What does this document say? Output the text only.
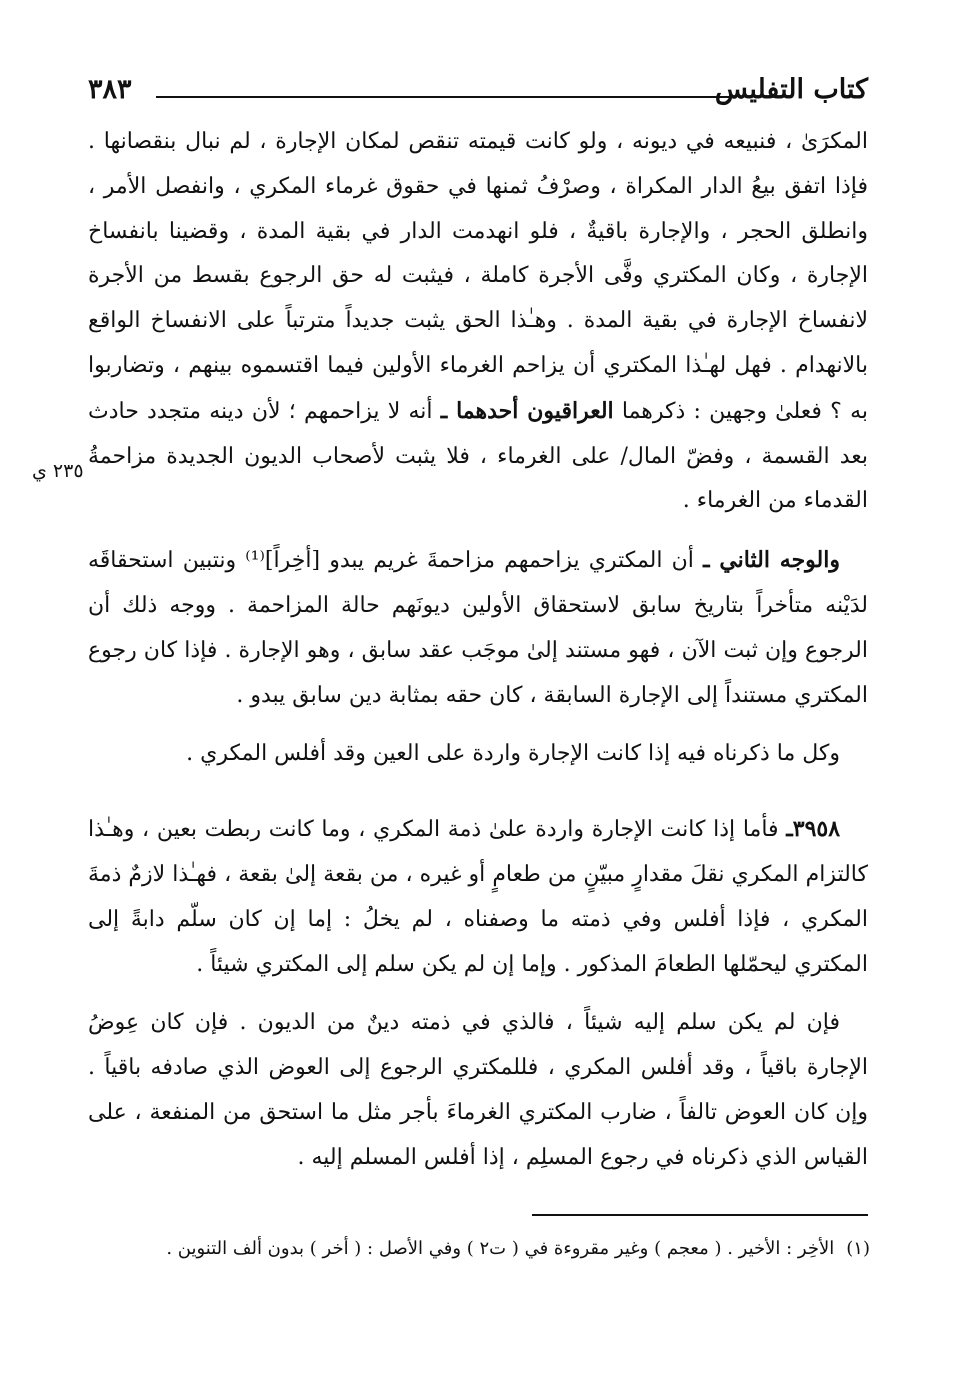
كتاب التفليس
٣٨٣
٢٣٥ ي

المكرَىٰ ، فنبيعه في ديونه ، ولو كانت قيمته تنقص لمكان الإجارة ، لم نبال بنقصانها . فإذا اتفق بيعُ الدار المكراة ، وصرْفُ ثمنها في حقوق غرماء المكري ، وانفصل الأمر ، وانطلق الحجر ، والإجارة باقيةٌ ، فلو انهدمت الدار في بقية المدة ، وقضينا بانفساخ الإجارة ، وكان المكتري وفَّى الأجرة كاملة ، فيثبت له حق الرجوع بقسط من الأجرة لانفساخ الإجارة في بقية المدة . وهـٰذا الحق يثبت جديداً مترتباً على الانفساخ الواقع بالانهدام . فهل لهـٰذا المكتري أن يزاحم الغرماء الأولين فيما اقتسموه بينهم ، وتضاربوا به ؟ فعلىٰ وجهين : ذكرهما العراقيون أحدهما ـ أنه لا يزاحمهم ؛ لأن دينه متجدد حادث بعد القسمة ، وفضّ المال/ على الغرماء ، فلا يثبت لأصحاب الديون الجديدة مزاحمةُ القدماء من الغرماء .

والوجه الثاني ـ أن المكتري يزاحمهم مزاحمةَ غريم يبدو [أخِراً]⁽¹⁾ ونتبين استحقاقَه لدَيْنه متأخراً بتاريخ سابق لاستحقاق الأولين ديونَهم حالة المزاحمة . ووجه ذلك أن الرجوع وإن ثبت الآن ، فهو مستند إلىٰ موجَب عقد سابق ، وهو الإجارة . فإذا كان رجوع المكتري مستنداً إلى الإجارة السابقة ، كان حقه بمثابة دين سابق يبدو .

وكل ما ذكرناه فيه إذا كانت الإجارة واردة على العين وقد أفلس المكري .

٣٩٥٨ـ فأما إذا كانت الإجارة واردة علىٰ ذمة المكري ، وما كانت ربطت بعين ، وهـٰذا كالتزام المكري نقلَ مقدارٍ مبيّنٍ من طعامٍ أو غيره ، من بقعة إلىٰ بقعة ، فهـٰذا لازمٌ ذمةَ المكري ، فإذا أفلس وفي ذمته ما وصفناه ، لم يخلُ : إما إن كان سلّم دابةً إلى المكتري ليحمّلها الطعامَ المذكور . وإما إن لم يكن سلم إلى المكتري شيئاً .

فإن لم يكن سلم إليه شيئاً ، فالذي في ذمته دينٌ من الديون . فإن كان عِوضُ الإجارة باقياً ، وقد أفلس المكري ، فللمكتري الرجوع إلى العوض الذي صادفه باقياً . وإن كان العوض تالفاً ، ضارب المكتري الغرماءَ بأجر مثل ما استحق من المنفعة ، على القياس الذي ذكرناه في رجوع المسلِم ، إذا أفلس المسلم إليه .

(١)الأخِر : الأخير . ( معجم ) وغير مقروءة في ( ت٢ ) وفي الأصل : ( أخر ) بدون ألف التنوين .
